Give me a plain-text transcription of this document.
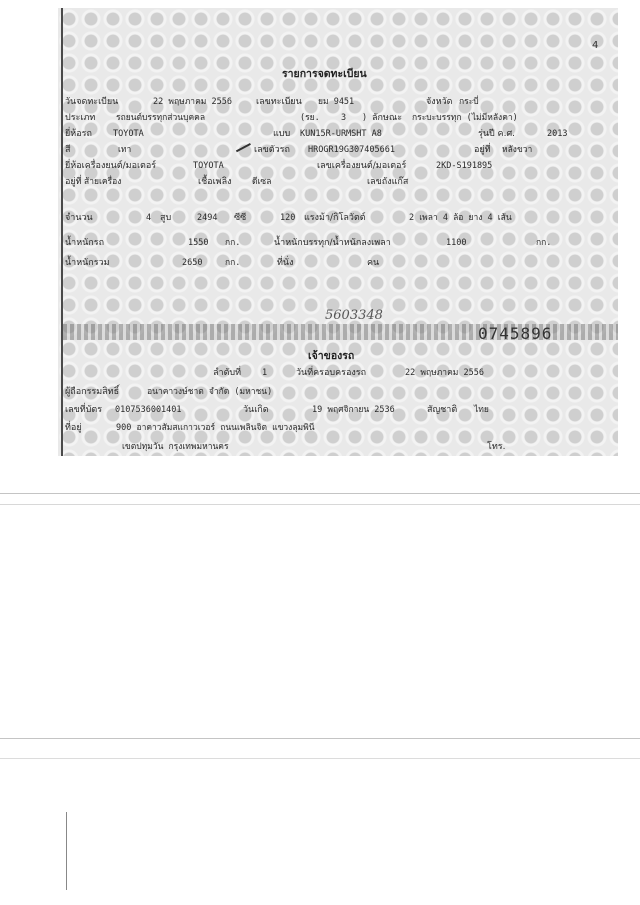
4
รายการจดทะเบียน
วันจดทะเบียน	22 พฤษภาคม 2556	เลขทะเบียน ยม 9451	จังหวัด กระบี่
ประเภท รถยนต์บรรทุกส่วนบุคคล	(รย. 3 ) ลักษณะ กระบะบรรทุก (ไม่มีหลังคา)
ยี่ห้อรถ TOYOTA	แบบ KUN15R-URMSHT A8	รุ่นปี ค.ศ.	2013
สี	เทา	เลขตัวรถ HROGR19G307405661	อยู่ที่ หลังขวา
ยี่ห้อเครื่องยนต์/มอเตอร์	TOYOTA	เลขเครื่องยนต์/มอเตอร์	2KD-S191895
อยู่ที่ ส้ายเครื่อง	เชื้อเพลิง ดีเซล	เลขถังแก๊ส
จำนวน	4 สูบ	2494 ซีซี	120 แรงม้า/กิโลวัตต์	2 เพลา 4 ล้อ ยาง 4 เส้น
น้ำหนักรถ	1550 กก.	น้ำหนักบรรทุก/น้ำหนักลงเพลา	1100	กก.
น้ำหนักรวม	2650	กก.	ที่นั่ง	คน
5603348
0745896
เจ้าของรถ
ลำดับที่ 1	วันที่ครอบครองรถ	22 พฤษภาคม 2556
ผู้ถือกรรมสิทธิ์	อนาคาวงษ์ชาต จำกัด (มหาชน)
เลขที่บัตร 0107536001401	วันเกิด	19 พฤศจิกายน 2536	สัญชาติ ไทย
ที่อยู่	900 อาคาวสัมสแกาวเวอร์ ถนนเพลินจิต แขวงลุมพินี
เขตปทุมวัน กรุงเทพมหานคร	โทร.
